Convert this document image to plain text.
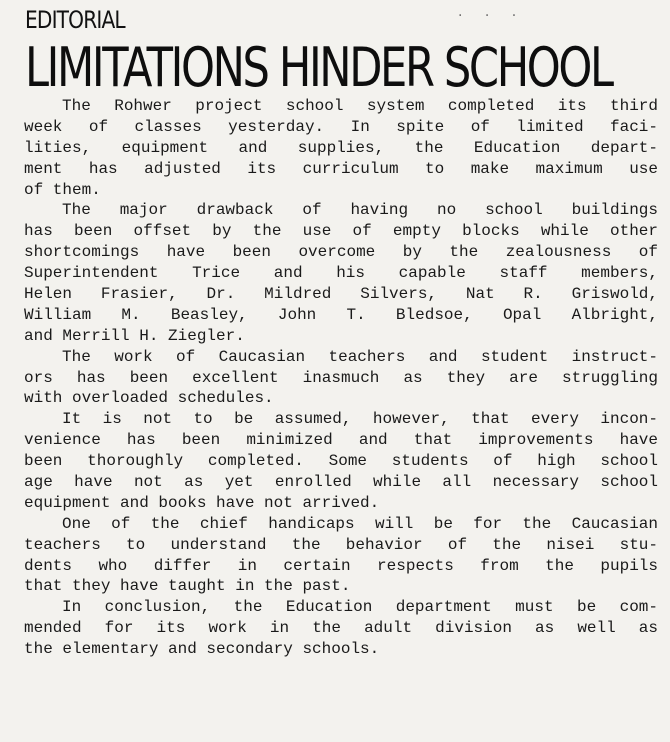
. . .
EDITORIAL
LIMITATIONS HINDER SCHOOL
The Rohwer project school system completed its third
week of classes yesterday. In spite of limited faci-
lities, equipment and supplies, the Education depart-
ment has adjusted its curriculum to make maximum use
of them.
The major drawback of having no school buildings
has been offset by the use of empty blocks while other
shortcomings have been overcome by the zealousness of
Superintendent Trice and his capable staff members,
Helen Frasier, Dr. Mildred Silvers, Nat R. Griswold,
William M. Beasley, John T. Bledsoe, Opal Albright,
and Merrill H. Ziegler.
The work of Caucasian teachers and student instruct-
ors has been excellent inasmuch as they are struggling
with overloaded schedules.
It is not to be assumed, however, that every incon-
venience has been minimized and that improvements have
been thoroughly completed. Some students of high school
age have not as yet enrolled while all necessary school
equipment and books have not arrived.
One of the chief handicaps will be for the Caucasian
teachers to understand the behavior of the nisei stu-
dents who differ in certain respects from the pupils
that they have taught in the past.
In conclusion, the Education department must be com-
mended for its work in the adult division as well as
the elementary and secondary schools.
